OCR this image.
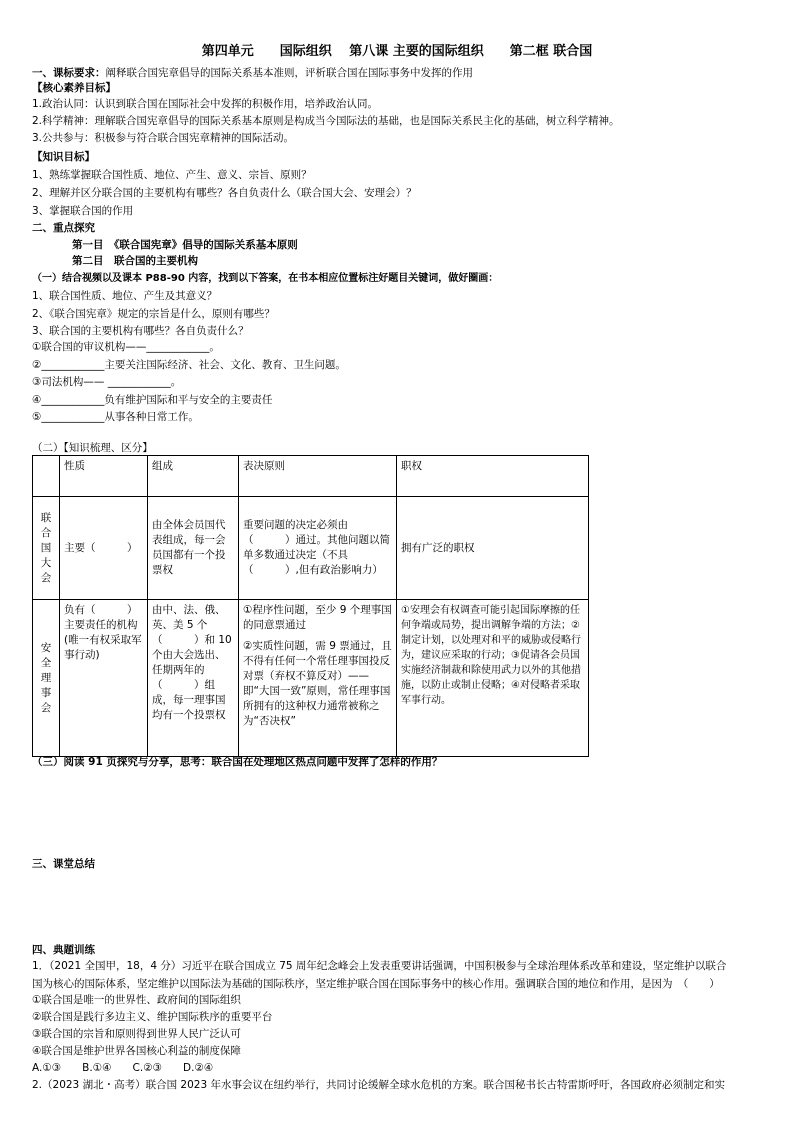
第四单元　　国际组织　 第八课 主要的国际组织　　第二框 联合国
一、课标要求：阐释联合国宪章倡导的国际关系基本准则，评析联合国在国际事务中发挥的作用
【核心素养目标】
1.政治认同：认识到联合国在国际社会中发挥的积极作用，培养政治认同。
2.科学精神：理解联合国宪章倡导的国际关系基本原则是构成当今国际法的基础，也是国际关系民主化的基础，树立科学精神。
3.公共参与：积极参与符合联合国宪章精神的国际活动。
【知识目标】
1、熟练掌握联合国性质、地位、产生、意义、宗旨、原则？
2、理解并区分联合国的主要机构有哪些？各自负责什么（联合国大会、安理会）？
3、掌握联合国的作用
二、重点探究
第一目　《联合国宪章》倡导的国际关系基本原则
第二目　联合国的主要机构
（一）结合视频以及课本 P88-90 内容，找到以下答案，在书本相应位置标注好题目关键词，做好圈画：
1、联合国性质、地位、产生及其意义？
2、《联合国宪章》规定的宗旨是什么，原则有哪些？
3、联合国的主要机构有哪些？各自负责什么？
①联合国的审议机构——____________。
②____________主要关注国际经济、社会、文化、教育、卫生问题。
③司法机构—— ____________。
④____________负有维护国际和平与安全的主要责任
⑤____________从事各种日常工作。
（二）【知识梳理、区分】
	性质	组成	表决原则	职权
联合国大会	主要（　　　）	由全体会员国代表组成，每一会员国都有一个投票权	重要问题的决定必须由（　　　）通过。其他问题以简单多数通过决定（不具（　　　）,但有政治影响力）	拥有广泛的职权
安全理事会	负有（　　　）主要责任的机构(唯一有权采取军事行动)	由中、法、俄、英、美 5 个（　　　）和 10 个由大会选出、任期两年的（　　　）组成，每一理事国均有一个投票权	①程序性问题，至少 9 个理事国的同意票通过
②实质性问题，需 9 票通过，且不得有任何一个常任理事国投反对票（弃权不算反对）——即“大国一致”原则，常任理事国所拥有的这种权力通常被称之为“否决权”	①安理会有权调查可能引起国际摩擦的任何争端或局势，提出调解争端的方法；②制定计划，以处理对和平的威胁或侵略行为，建议应采取的行动；③促请各会员国实施经济制裁和除使用武力以外的其他措施，以防止或制止侵略；④对侵略者采取军事行动。
（三）阅读 91 页探究与分享，思考：联合国在处理地区热点问题中发挥了怎样的作用？
三、课堂总结
四、典题训练
1．（2021 全国甲，18，4 分）习近平在联合国成立 75 周年纪念峰会上发表重要讲话强调，中国积极参与全球治理体系改革和建设，坚定维护以联合
国为核心的国际体系，坚定维护以国际法为基础的国际秩序，坚定维护联合国在国际事务中的核心作用。强调联合国的地位和作用，是因为　（　　）
①联合国是唯一的世界性、政府间的国际组织
②联合国是践行多边主义、维护国际秩序的重要平台
③联合国的宗旨和原则得到世界人民广泛认可
④联合国是维护世界各国核心利益的制度保障
A.①③　　B.①④　　C.②③　　D.②④
2.（2023 湖北・高考）联合国 2023 年水事会议在纽约举行，共同讨论缓解全球水危机的方案。联合国秘书长古特雷斯呼吁，各国政府必须制定和实
